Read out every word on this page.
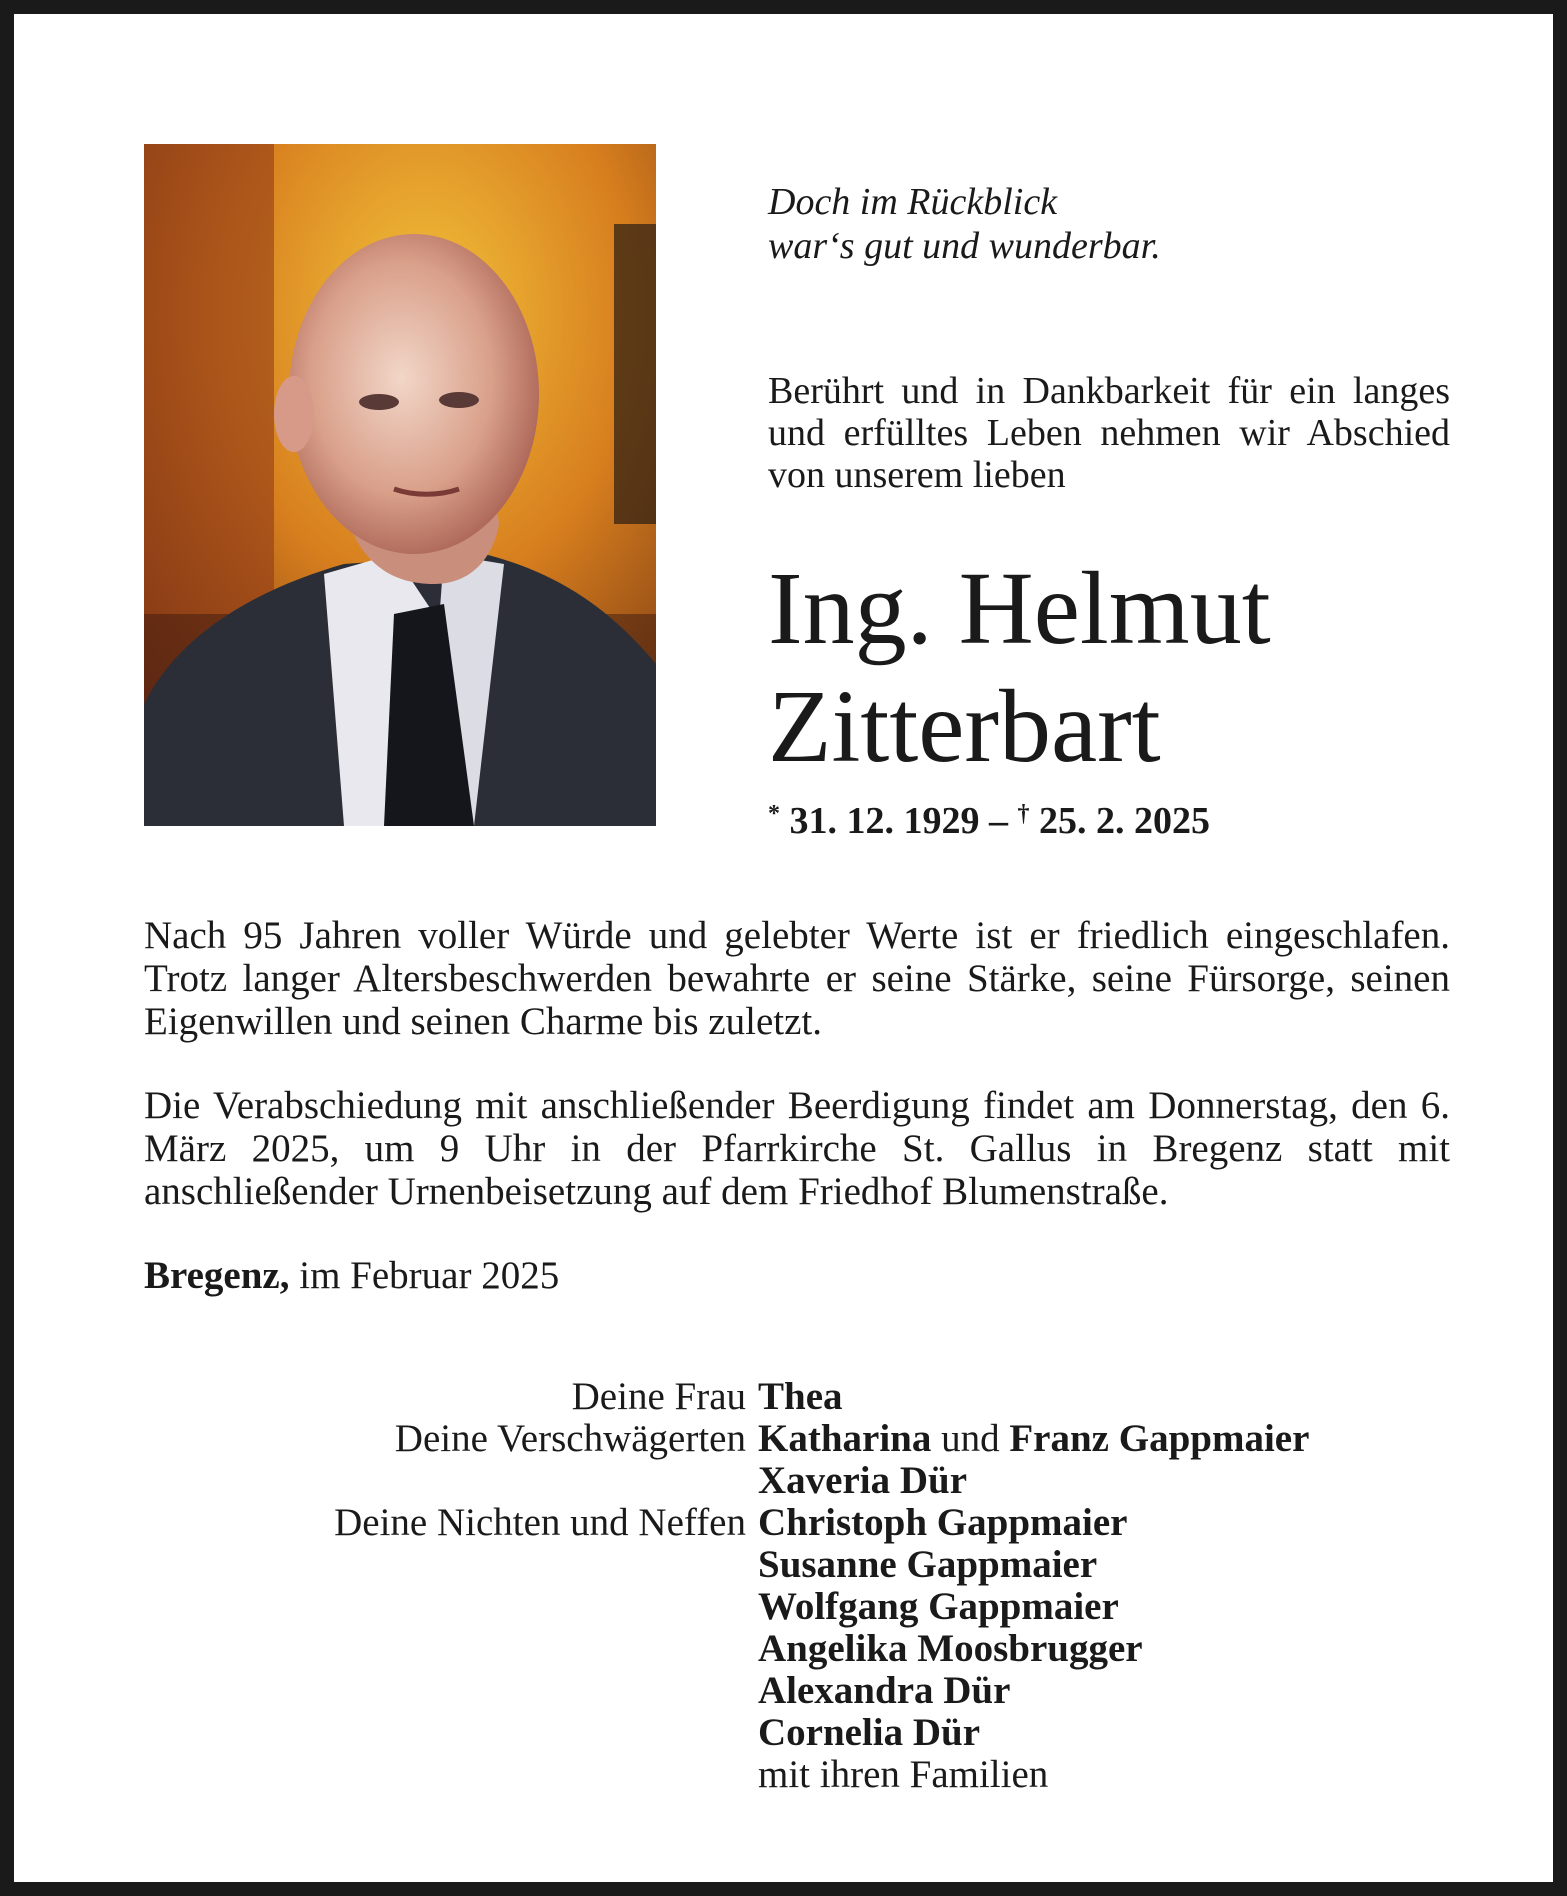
Doch im Rückblick
war‘s gut und wunderbar.
Berührt und in Dankbarkeit für ein langes und erfülltes Leben nehmen wir Abschied von unserem lieben
Ing. Helmut
Zitterbart
* 31. 12. 1929 – † 25. 2. 2025
Nach 95 Jahren voller Würde und gelebter Werte ist er friedlich eingeschlafen. Trotz langer Altersbeschwerden bewahrte er seine Stärke, seine Fürsorge, seinen Eigenwillen und seinen Charme bis zuletzt.
Die Verabschiedung mit anschließender Beerdigung findet am Donnerstag, den 6. März 2025, um 9 Uhr in der Pfarrkirche St. Gallus in Bregenz statt mit anschließender Urnenbeisetzung auf dem Friedhof Blumenstraße.
Bregenz, im Februar 2025
Deine Frau Thea
Deine Verschwägerten Katharina und Franz Gappmaier
Xaveria Dür
Deine Nichten und Neffen Christoph Gappmaier
Susanne Gappmaier
Wolfgang Gappmaier
Angelika Moosbrugger
Alexandra Dür
Cornelia Dür
mit ihren Familien
